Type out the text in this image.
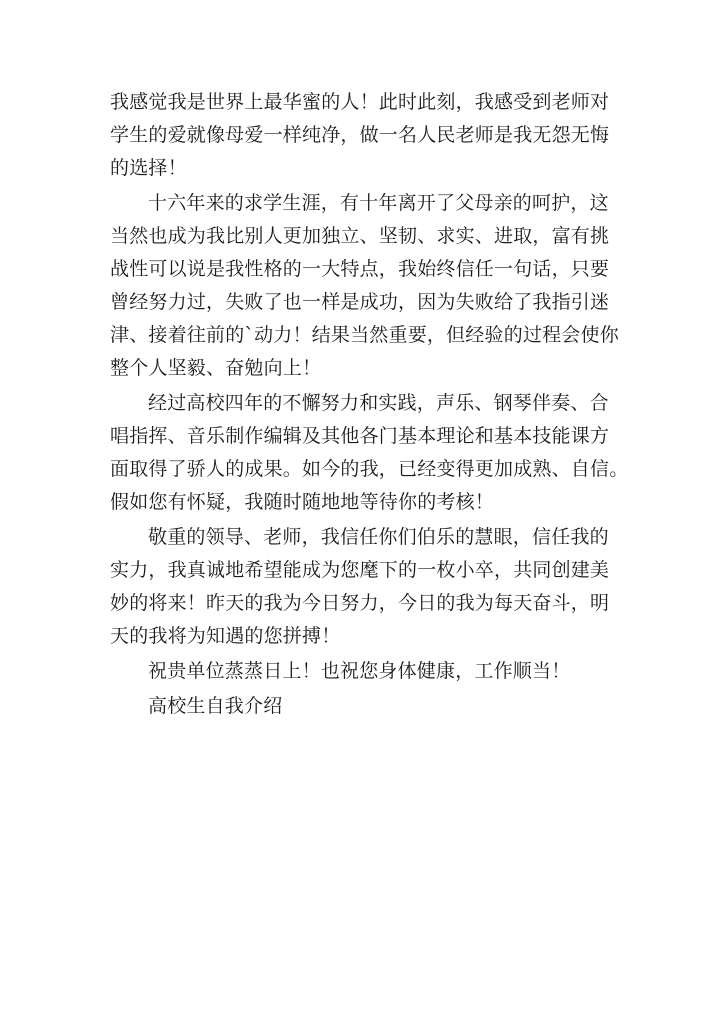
我感觉我是世界上最华蜜的人！此时此刻，我感受到老师对
学生的爱就像母爱一样纯净，做一名人民老师是我无怨无悔
的选择！

十六年来的求学生涯，有十年离开了父母亲的呵护，这
当然也成为我比别人更加独立、坚韧、求实、进取，富有挑
战性可以说是我性格的一大特点，我始终信任一句话，只要
曾经努力过，失败了也一样是成功，因为失败给了我指引迷
津、接着往前的`动力！结果当然重要，但经验的过程会使你
整个人坚毅、奋勉向上！

经过高校四年的不懈努力和实践，声乐、钢琴伴奏、合
唱指挥、音乐制作编辑及其他各门基本理论和基本技能课方
面取得了骄人的成果。如今的我，已经变得更加成熟、自信。
假如您有怀疑，我随时随地地等待你的考核！

敬重的领导、老师，我信任你们伯乐的慧眼，信任我的
实力，我真诚地希望能成为您麾下的一枚小卒，共同创建美
妙的将来！昨天的我为今日努力，今日的我为每天奋斗，明
天的我将为知遇的您拼搏！

祝贵单位蒸蒸日上！也祝您身体健康，工作顺当！

高校生自我介绍
